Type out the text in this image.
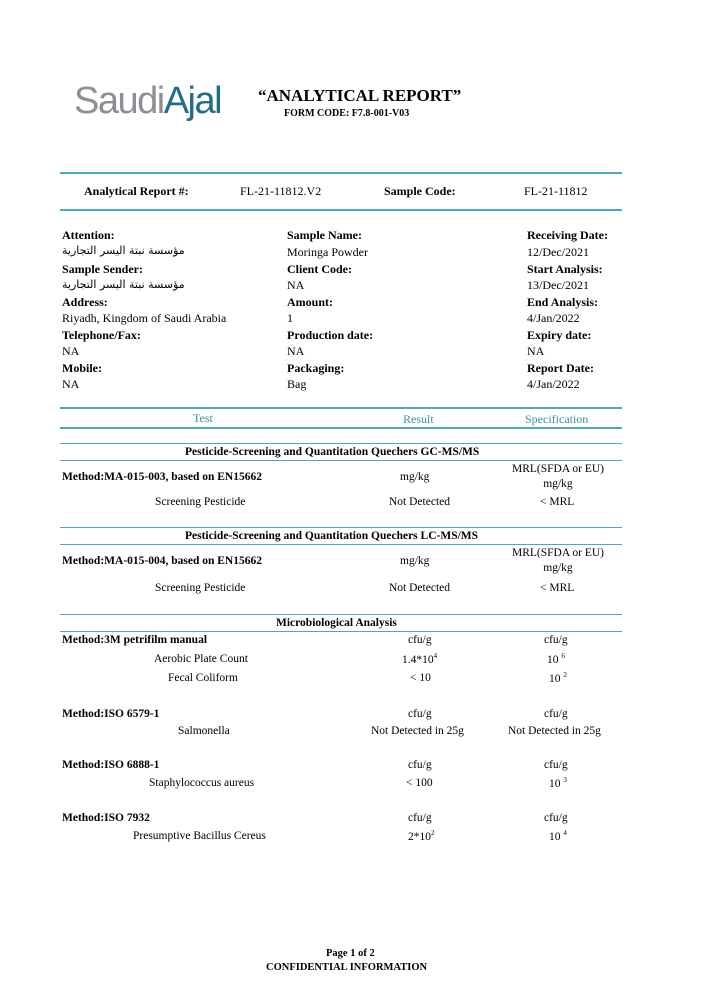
SaudiAjal “ANALYTICAL REPORT”
FORM CODE: F7.8-001-V03
Analytical Report #:	FL-21-11812.V2	Sample Code:	FL-21-11812
Attention:
مؤسسة نبتة اليسر التجارية
Sample Sender:
مؤسسة نبتة اليسر التجارية
Address:
Riyadh, Kingdom of Saudi Arabia
Telephone/Fax:
NA
Mobile:
NA
Sample Name:
Moringa Powder
Client Code:
NA
Amount:
1
Production date:
NA
Packaging:
Bag
Receiving Date:
12/Dec/2021
Start Analysis:
13/Dec/2021
End Analysis:
4/Jan/2022
Expiry date:
NA
Report Date:
4/Jan/2022
Test	Result	Specification
Pesticide-Screening and Quantitation Quechers GC-MS/MS
Method:MA-015-003, based on EN15662	mg/kg
MRL(SFDA or EU)
mg/kg
Screening Pesticide	Not Detected	< MRL
Pesticide-Screening and Quantitation Quechers LC-MS/MS
Method:MA-015-004, based on EN15662	mg/kg
MRL(SFDA or EU)
mg/kg
Screening Pesticide	Not Detected	< MRL
Microbiological Analysis
Method:3M petrifilm manual	cfu/g	cfu/g
Aerobic Plate Count	$1.4*10^4$	10 $^6$
Fecal Coliform	< 10	10 $^2$
Method:ISO 6579-1	cfu/g	cfu/g
Salmonella	Not Detected in 25g	Not Detected in 25g
Method:ISO 6888-1	cfu/g	cfu/g
Staphylococcus aureus	< 100	10 $^3$
Method:ISO 7932	cfu/g	cfu/g
Presumptive Bacillus Cereus	$2*10^2$	10 $^4$
Page 1 of 2
CONFIDENTIAL INFORMATION
